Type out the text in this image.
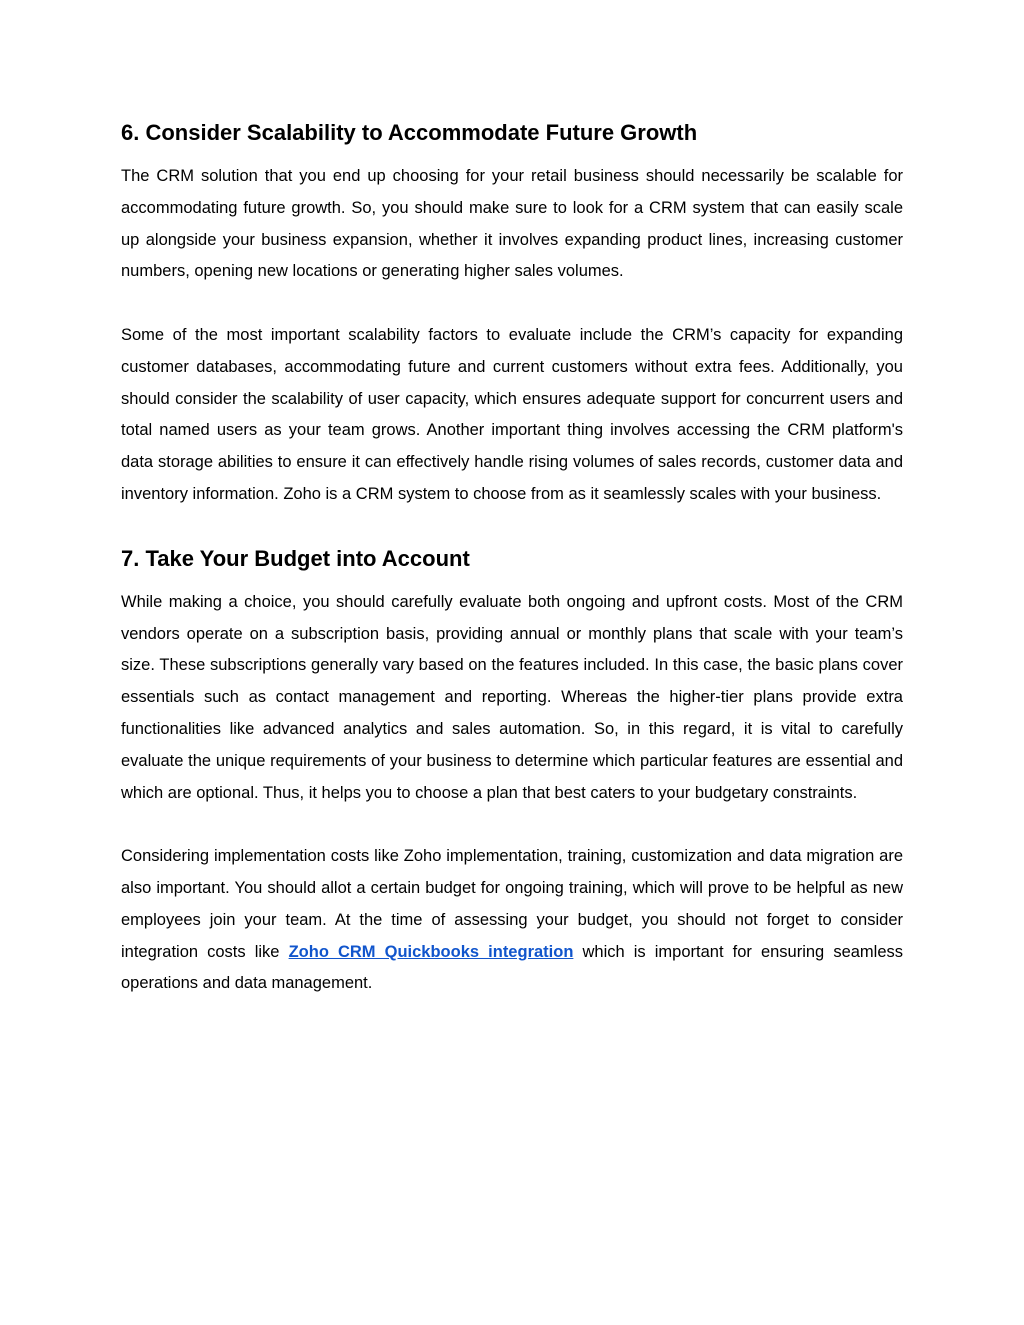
6. Consider Scalability to Accommodate Future Growth

The CRM solution that you end up choosing for your retail business should necessarily be scalable for accommodating future growth. So, you should make sure to look for a CRM system that can easily scale up alongside your business expansion, whether it involves expanding product lines, increasing customer numbers, opening new locations or generating higher sales volumes.

Some of the most important scalability factors to evaluate include the CRM’s capacity for expanding customer databases, accommodating future and current customers without extra fees. Additionally, you should consider the scalability of user capacity, which ensures adequate support for concurrent users and total named users as your team grows. Another important thing involves accessing the CRM platform's data storage abilities to ensure it can effectively handle rising volumes of sales records, customer data and inventory information. Zoho is a CRM system to choose from as it seamlessly scales with your business.

7. Take Your Budget into Account

While making a choice, you should carefully evaluate both ongoing and upfront costs. Most of the CRM vendors operate on a subscription basis, providing annual or monthly plans that scale with your team’s size. These subscriptions generally vary based on the features included. In this case, the basic plans cover essentials such as contact management and reporting. Whereas the higher-tier plans provide extra functionalities like advanced analytics and sales automation. So, in this regard, it is vital to carefully evaluate the unique requirements of your business to determine which particular features are essential and which are optional. Thus, it helps you to choose a plan that best caters to your budgetary constraints.

Considering implementation costs like Zoho implementation, training, customization and data migration are also important. You should allot a certain budget for ongoing training, which will prove to be helpful as new employees join your team. At the time of assessing your budget, you should not forget to consider integration costs like Zoho CRM Quickbooks integration which is important for ensuring seamless operations and data management.
